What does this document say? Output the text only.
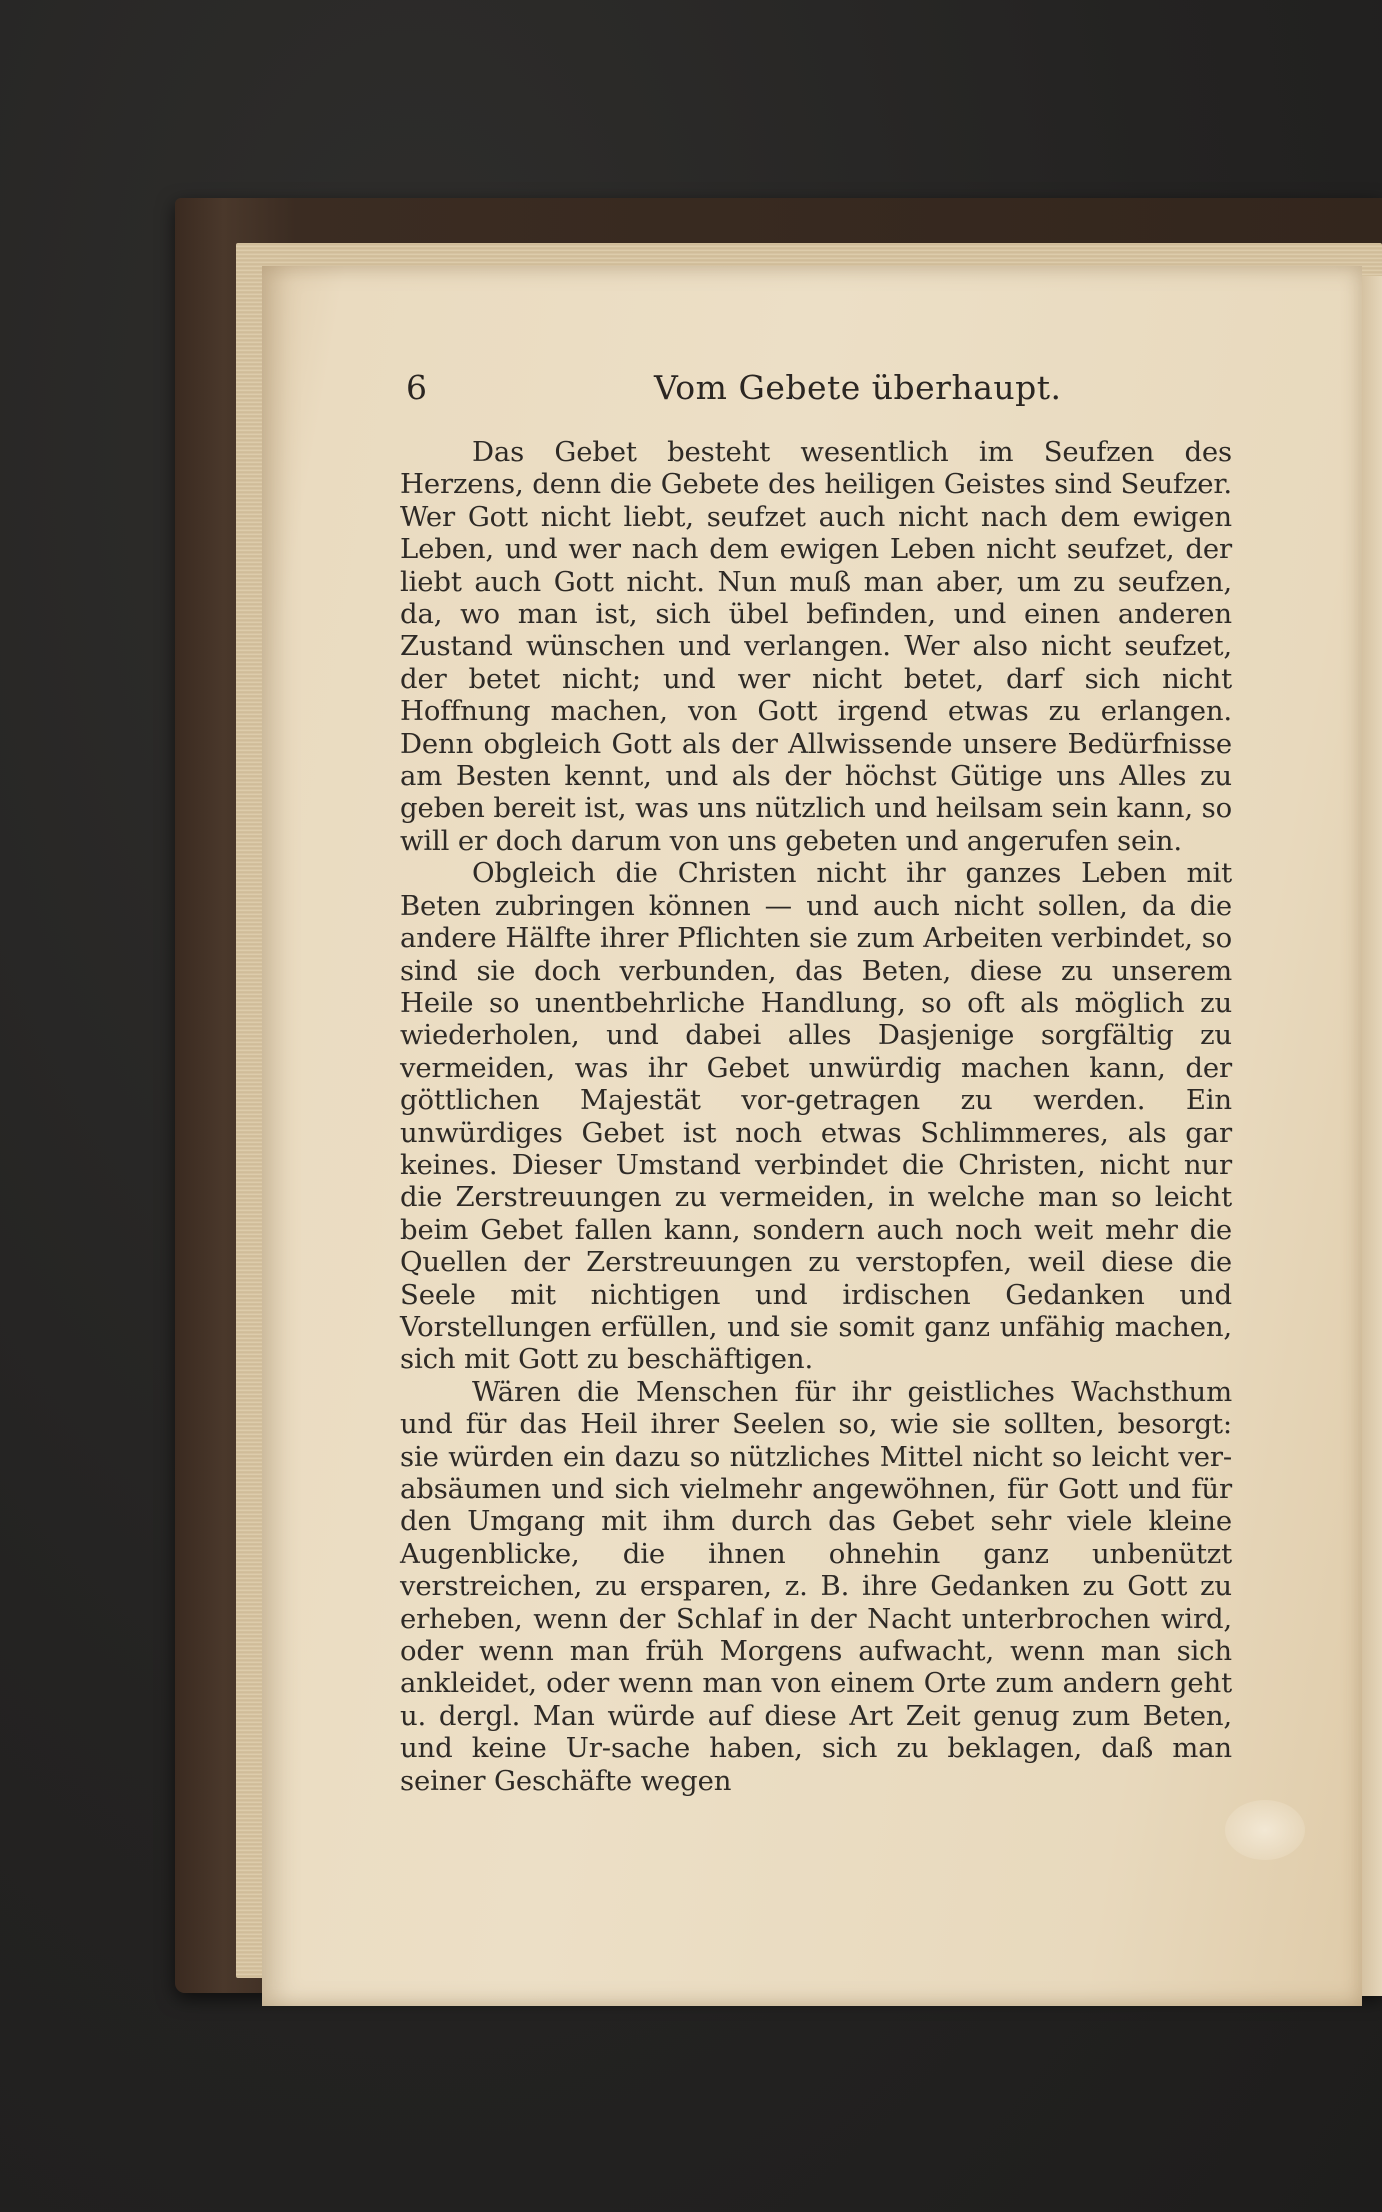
6	Vom Gebete überhaupt.

Das Gebet besteht wesentlich im Seufzen des Herzens, denn die Gebete des heiligen Geistes sind Seufzer. Wer Gott nicht liebt, seufzet auch nicht nach dem ewigen Leben, und wer nach dem ewigen Leben nicht seufzet, der liebt auch Gott nicht. Nun muß man aber, um zu seufzen, da, wo man ist, sich übel befinden, und einen anderen Zustand wünschen und verlangen. Wer also nicht seufzet, der betet nicht; und wer nicht betet, darf sich nicht Hoffnung machen, von Gott irgend etwas zu erlangen. Denn obgleich Gott als der Allwissende unsere Bedürfnisse am Besten kennt, und als der höchst Gütige uns Alles zu geben bereit ist, was uns nützlich und heilsam sein kann, so will er doch darum von uns gebeten und angerufen sein.

Obgleich die Christen nicht ihr ganzes Leben mit Beten zubringen können — und auch nicht sollen, da die andere Hälfte ihrer Pflichten sie zum Arbeiten verbindet, so sind sie doch verbunden, das Beten, diese zu unserem Heile so unentbehrliche Handlung, so oft als möglich zu wiederholen, und dabei alles Dasjenige sorgfältig zu vermeiden, was ihr Gebet unwürdig machen kann, der göttlichen Majestät vor-getragen zu werden. Ein unwürdiges Gebet ist noch etwas Schlimmeres, als gar keines. Dieser Umstand verbindet die Christen, nicht nur die Zerstreuungen zu vermeiden, in welche man so leicht beim Gebet fallen kann, sondern auch noch weit mehr die Quellen der Zerstreuungen zu verstopfen, weil diese die Seele mit nichtigen und irdischen Gedanken und Vorstellungen erfüllen, und sie somit ganz unfähig machen, sich mit Gott zu beschäftigen.

Wären die Menschen für ihr geistliches Wachsthum und für das Heil ihrer Seelen so, wie sie sollten, besorgt: sie würden ein dazu so nützliches Mittel nicht so leicht ver-absäumen und sich vielmehr angewöhnen, für Gott und für den Umgang mit ihm durch das Gebet sehr viele kleine Augenblicke, die ihnen ohnehin ganz unbenützt verstreichen, zu ersparen, z. B. ihre Gedanken zu Gott zu erheben, wenn der Schlaf in der Nacht unterbrochen wird, oder wenn man früh Morgens aufwacht, wenn man sich ankleidet, oder wenn man von einem Orte zum andern geht u. dergl. Man würde auf diese Art Zeit genug zum Beten, und keine Ur-sache haben, sich zu beklagen, daß man seiner Geschäfte wegen
